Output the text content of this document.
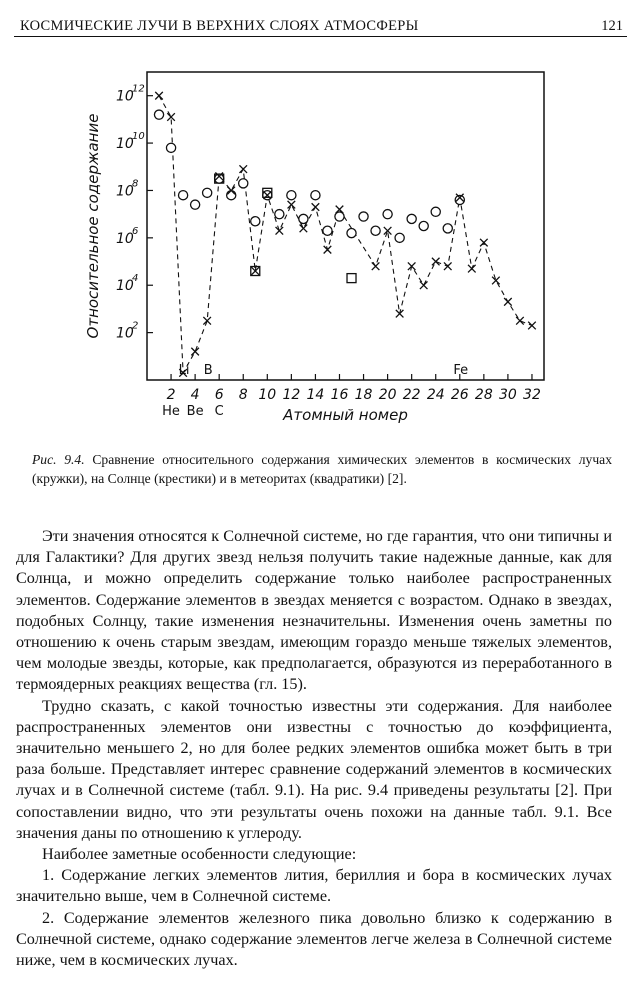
КОСМИЧЕСКИЕ ЛУЧИ В ВЕРХНИХ СЛОЯХ АТМОСФЕРЫ	121
2 4 6 8 10 12 14 16 18 20 22 24 26 28 30 32
10
2
10
4
10
6
10
8
10
10
10
12
He Be C
Li B	Fe
Атомный номер
Относительное содержание
Рис. 9.4. Сравнение относительного содержания химических элементов в космических лучах (кружки), на Солнце (крестики) и в метеоритах (квадратики) [2].

Эти значения относятся к Солнечной системе, но где гарантия, что они типичны и для Галактики? Для других звезд нельзя получить такие надежные данные, как для Солнца, и можно определить содержание только наиболее распространенных элементов. Содержание элементов в звездах меняется с возрастом. Однако в звездах, подобных Солнцу, такие изменения незначительны. Изменения очень заметны по отношению к очень старым звездам, имеющим гораздо меньше тяжелых элементов, чем молодые звезды, которые, как предполагается, образуются из переработанного в термоядерных реакциях вещества (гл. 15).

Трудно сказать, с какой точностью известны эти содержания. Для наиболее распространенных элементов они известны с точностью до коэффициента, значительно меньшего 2, но для более редких элементов ошибка может быть в три раза больше. Представляет интерес сравнение содержаний элементов в космических лучах и в Солнечной системе (табл. 9.1). На рис. 9.4 приведены результаты [2]. При сопоставлении видно, что эти результаты очень похожи на данные табл. 9.1. Все значения даны по отношению к углероду.

Наиболее заметные особенности следующие:

1. Содержание легких элементов лития, бериллия и бора в космических лучах значительно выше, чем в Солнечной системе.

2. Содержание элементов железного пика довольно близко к содержанию в Солнечной системе, однако содержание элементов легче железа в Солнечной системе ниже, чем в космических лучах.
